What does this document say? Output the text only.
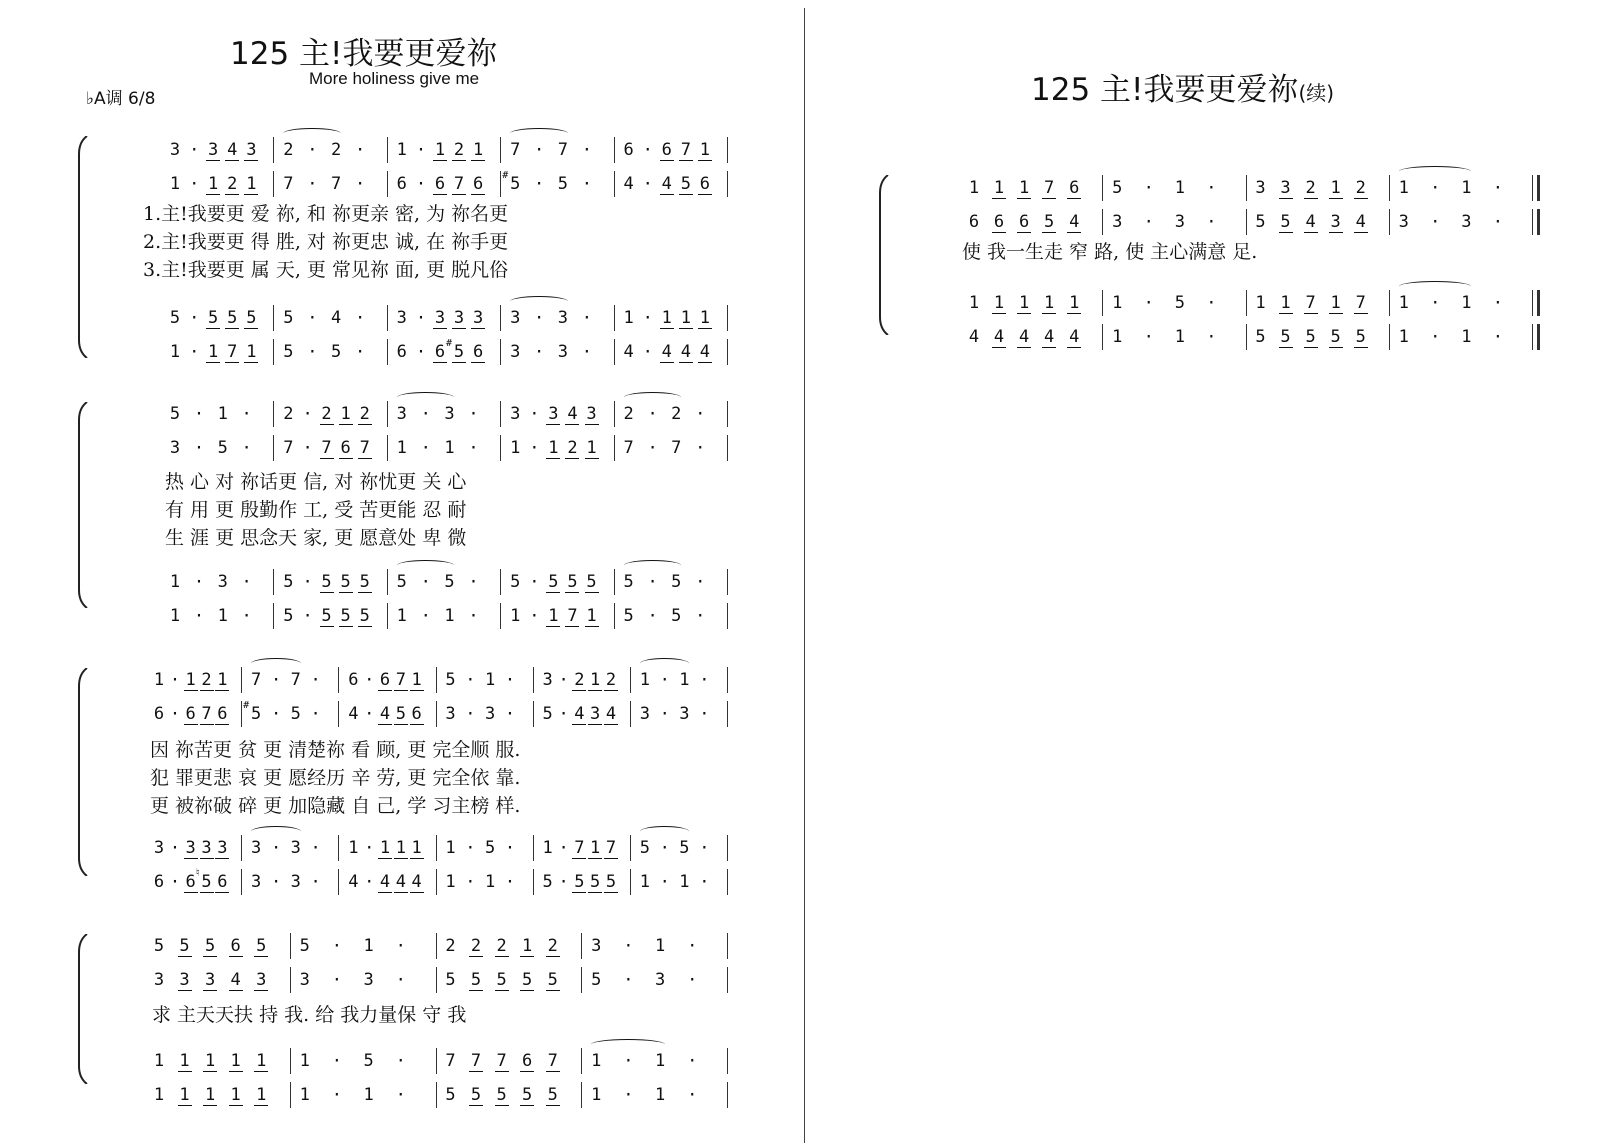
125 主!我要更爱祢
More holiness give me
♭A调 6/8	125 主!我要更爱祢(续)
3 · 3 4 3 2 · 2 · 1 · 1 2 1 7 · 7 · 6 · 6 7 1
1 · 1 2 1 7 · 7 · 6 · 6 7 6 # 5 · 5 · 4 · 4 5 6
5 · 5 5 5 5 · 4 · 3 · 3 3 3 3 · 3 · 1 · 1 1 1
1 · 1 7 1 5 · 5 · 6 · 6 # 5 6 3 · 3 · 4 · 4 4 4
5 · 1 · 2 · 2 1 2 3 · 3 · 3 · 3 4 3 2 · 2 ·
3 · 5 · 7 · 7 6 7 1 · 1 · 1 · 1 2 1 7 · 7 ·
1 · 3 · 5 · 5 5 5 5 · 5 · 5 · 5 5 5 5 · 5 ·
1 · 1 · 5 · 5 5 5 1 · 1 · 1 · 1 7 1 5 · 5 ·
1 · 1 2 1 7 · 7 · 6 · 6 7 1 5 · 1 · 3 · 2 1 2 1 · 1 ·
6 · 6 7 6 # 5 · 5 · 4 · 4 5 6 3 · 3 · 5 · 4 3 4 3 · 3 ·
3 · 3 3 3 3 · 3 · 1 · 1 1 1 1 · 5 · 1 · 7 1 7 5 · 5 ·
6 · 6 ♮ 5 6 3 · 3 · 4 · 4 4 4 1 · 1 · 5 · 5 5 5 1 · 1 ·
5 5 5 6 5 5 · 1 · 2 2 2 1 2 3 · 1 ·
3 3 3 4 3 3 · 3 · 5 5 5 5 5 5 · 3 ·
1 1 1 1 1 1 · 5 · 7 7 7 6 7 1 · 1 ·
1 1 1 1 1 1 · 1 · 5 5 5 5 5 1 · 1 ·
1 1 1 7 6 5 · 1 · 3 3 2 1 2 1 · 1 ·
6 6 6 5 4 3 · 3 · 5 5 4 3 4 3 · 3 ·
1 1 1 1 1 1 · 5 · 1 1 7 1 7 1 · 1 ·
4 4 4 4 4 1 · 1 · 5 5 5 5 5 1 · 1 ·
1.主!我要更 爱 祢, 和 祢更亲 密, 为 祢名更
2.主!我要更 得 胜, 对 祢更忠 诚, 在 祢手更
3.主!我要更 属 天, 更 常见祢 面, 更 脱凡俗
热 心 对 祢话更 信, 对 祢忧更 关 心
有 用 更 殷勤作 工, 受 苦更能 忍 耐
生 涯 更 思念天 家, 更 愿意处 卑 微
因 祢苦更 贫 更 清楚祢 看 顾, 更 完全顺 服.
犯 罪更悲 哀 更 愿经历 辛 劳, 更 完全依 靠.
更 被祢破 碎 更 加隐藏 自 己, 学 习主榜 样.
求 主天天扶 持 我. 给 我力量保 守 我
使 我一生走 窄 路, 使 主心满意 足.
